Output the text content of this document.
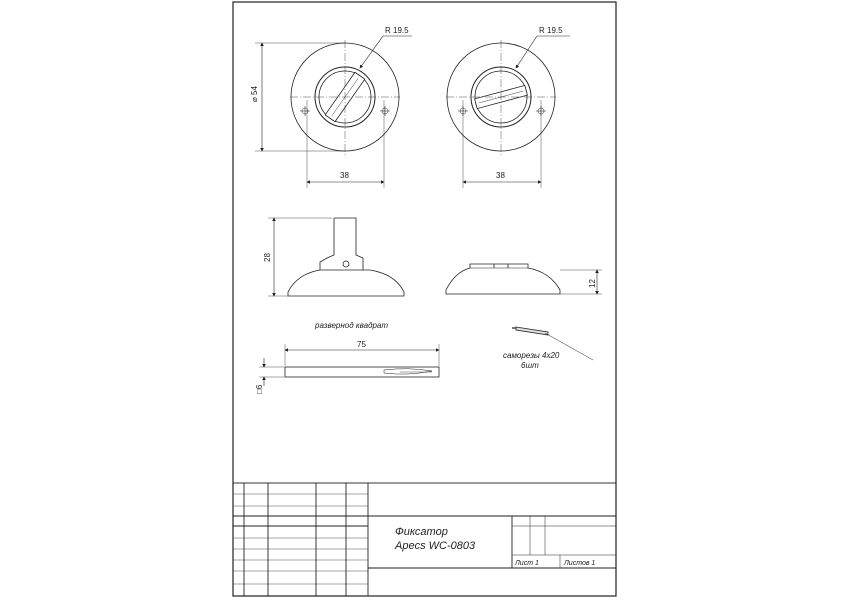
R 19.5
⌀ 54
38
R 19.5
38
28
12
развернод квадрат
75
□6
саморезы 4x20
6шт
Фиксатор
Apecs WC-0803
Лист 1	Листов 1
